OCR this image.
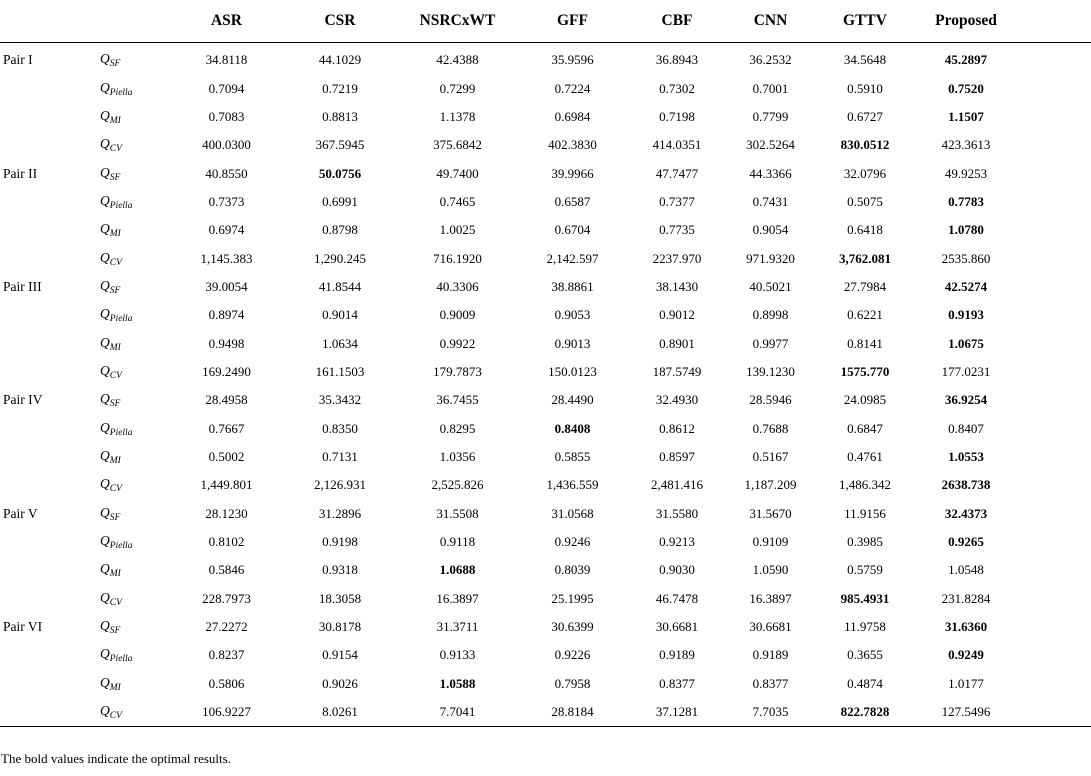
		ASR	CSR	NSRCxWT	GFF	CBF	CNN	GTTV	Proposed	
Pair I	$Q_{SF}$	34.8118	44.1029	42.4388	35.9596	36.8943	36.2532	34.5648	45.2897	
	$Q_{Piella}$	0.7094	0.7219	0.7299	0.7224	0.7302	0.7001	0.5910	0.7520	
	$Q_{MI}$	0.7083	0.8813	1.1378	0.6984	0.7198	0.7799	0.6727	1.1507	
	$Q_{CV}$	400.0300	367.5945	375.6842	402.3830	414.0351	302.5264	830.0512	423.3613	
Pair II	$Q_{SF}$	40.8550	50.0756	49.7400	39.9966	47.7477	44.3366	32.0796	49.9253	
	$Q_{Piella}$	0.7373	0.6991	0.7465	0.6587	0.7377	0.7431	0.5075	0.7783	
	$Q_{MI}$	0.6974	0.8798	1.0025	0.6704	0.7735	0.9054	0.6418	1.0780	
	$Q_{CV}$	1,145.383	1,290.245	716.1920	2,142.597	2237.970	971.9320	3,762.081	2535.860	
Pair III	$Q_{SF}$	39.0054	41.8544	40.3306	38.8861	38.1430	40.5021	27.7984	42.5274	
	$Q_{Piella}$	0.8974	0.9014	0.9009	0.9053	0.9012	0.8998	0.6221	0.9193	
	$Q_{MI}$	0.9498	1.0634	0.9922	0.9013	0.8901	0.9977	0.8141	1.0675	
	$Q_{CV}$	169.2490	161.1503	179.7873	150.0123	187.5749	139.1230	1575.770	177.0231	
Pair IV	$Q_{SF}$	28.4958	35.3432	36.7455	28.4490	32.4930	28.5946	24.0985	36.9254	
	$Q_{Piella}$	0.7667	0.8350	0.8295	0.8408	0.8612	0.7688	0.6847	0.8407	
	$Q_{MI}$	0.5002	0.7131	1.0356	0.5855	0.8597	0.5167	0.4761	1.0553	
	$Q_{CV}$	1,449.801	2,126.931	2,525.826	1,436.559	2,481.416	1,187.209	1,486.342	2638.738	
Pair V	$Q_{SF}$	28.1230	31.2896	31.5508	31.0568	31.5580	31.5670	11.9156	32.4373	
	$Q_{Piella}$	0.8102	0.9198	0.9118	0.9246	0.9213	0.9109	0.3985	0.9265	
	$Q_{MI}$	0.5846	0.9318	1.0688	0.8039	0.9030	1.0590	0.5759	1.0548	
	$Q_{CV}$	228.7973	18.3058	16.3897	25.1995	46.7478	16.3897	985.4931	231.8284	
Pair VI	$Q_{SF}$	27.2272	30.8178	31.3711	30.6399	30.6681	30.6681	11.9758	31.6360	
	$Q_{Piella}$	0.8237	0.9154	0.9133	0.9226	0.9189	0.9189	0.3655	0.9249	
	$Q_{MI}$	0.5806	0.9026	1.0588	0.7958	0.8377	0.8377	0.4874	1.0177	
	$Q_{CV}$	106.9227	8.0261	7.7041	28.8184	37.1281	7.7035	822.7828	127.5496	
The bold values indicate the optimal results.
